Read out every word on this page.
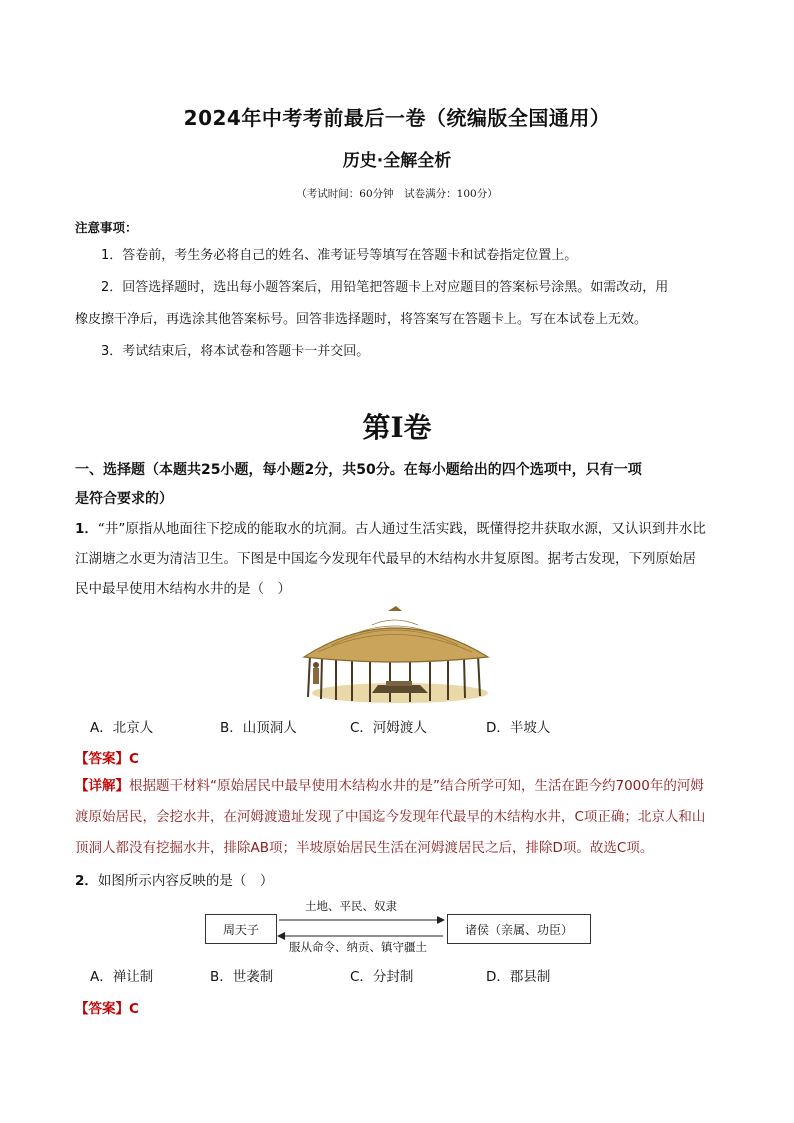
2024年中考考前最后一卷（统编版全国通用）
历史·全解全析
（考试时间：60分钟　试卷满分：100分）
注意事项：
1．答卷前，考生务必将自己的姓名、准考证号等填写在答题卡和试卷指定位置上。
2．回答选择题时，选出每小题答案后，用铅笔把答题卡上对应题目的答案标号涂黑。如需改动，用
橡皮擦干净后，再选涂其他答案标号。回答非选择题时，将答案写在答题卡上。写在本试卷上无效。
3．考试结束后，将本试卷和答题卡一并交回。
第Ⅰ卷
一、选择题（本题共25小题，每小题2分，共50分。在每小题给出的四个选项中，只有一项
是符合要求的）
1．“井”原指从地面往下挖成的能取水的坑洞。古人通过生活实践，既懂得挖井获取水源，又认识到井水比
江湖塘之水更为清洁卫生。下图是中国迄今发现年代最早的木结构水井复原图。据考古发现，下列原始居
民中最早使用木结构水井的是（　）
A．北京人	B．山顶洞人	C．河姆渡人	D．半坡人
【答案】C
【详解】根据题干材料“原始居民中最早使用木结构水井的是”结合所学可知，生活在距今约7000年的河姆
渡原始居民，会挖水井，在河姆渡遗址发现了中国迄今发现年代最早的木结构水井，C项正确；北京人和山
顶洞人都没有挖掘水井，排除AB项；半坡原始居民生活在河姆渡居民之后，排除D项。故选C项。
2．如图所示内容反映的是（　）
周天子	诸侯（亲属、功臣）
土地、平民、奴隶
服从命令、纳贡、镇守疆土
A．禅让制	B．世袭制	C．分封制	D．郡县制
【答案】C
